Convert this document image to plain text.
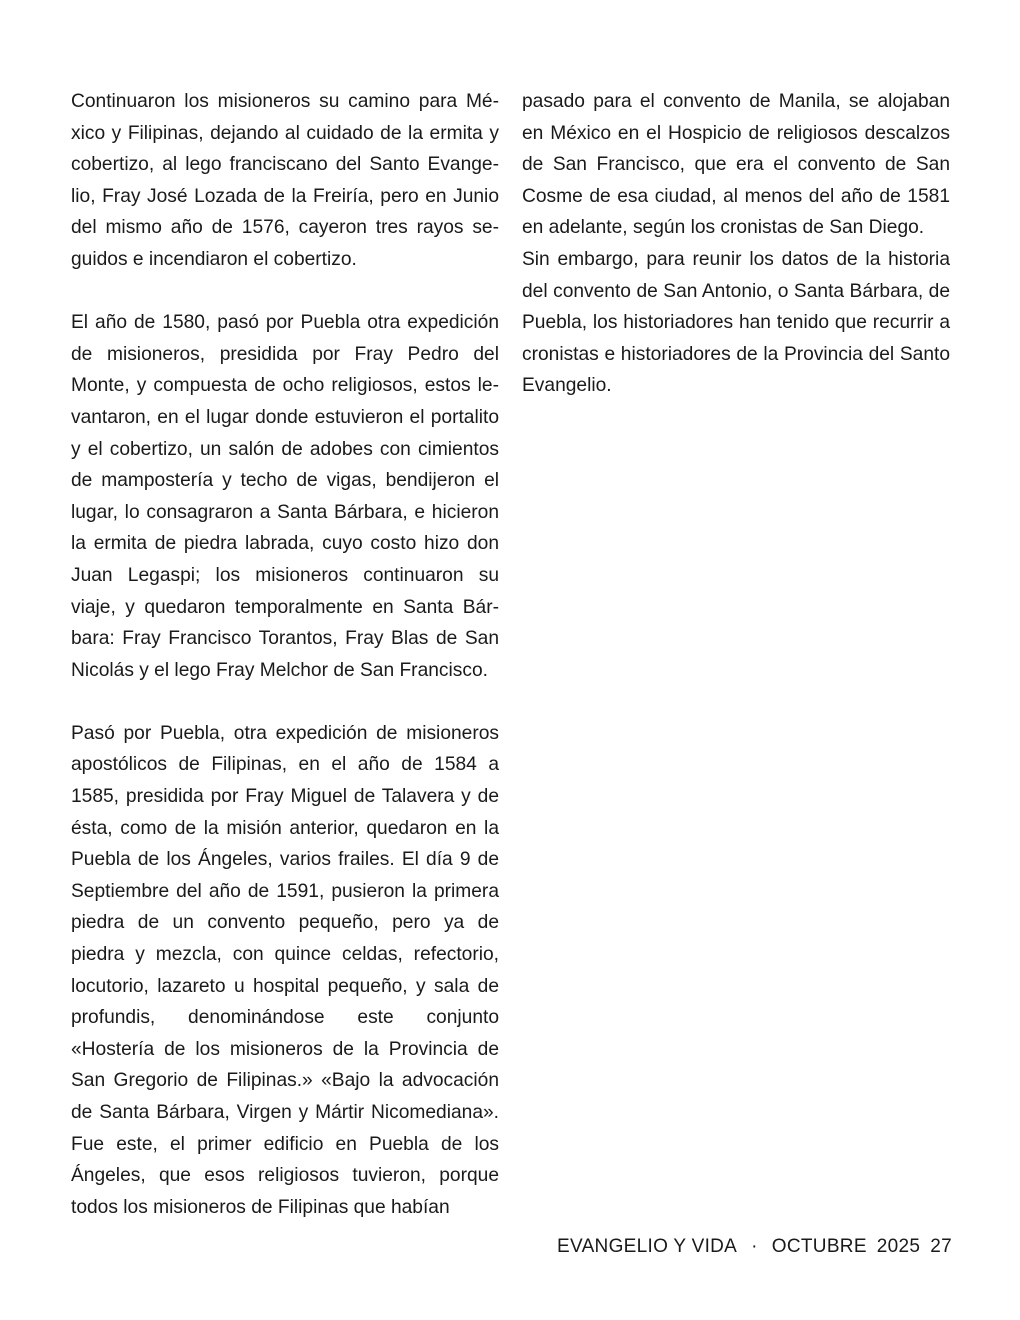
Continuaron los misioneros su camino para México y Filipinas, dejando al cuidado de la ermita y cobertizo, al lego franciscano del Santo Evangelio, Fray José Lozada de la Freiría, pero en Junio del mismo año de 1576, cayeron tres rayos seguidos e incendiaron el cobertizo.

El año de 1580, pasó por Puebla otra expedición de misioneros, presidida por Fray Pedro del Monte, y compuesta de ocho religiosos, estos levantaron, en el lugar donde estuvieron el portalito y el cobertizo, un salón de adobes con cimientos de mampostería y techo de vigas, bendijeron el lugar, lo consagraron a Santa Bárbara, e hicieron la ermita de piedra labrada, cuyo costo hizo don Juan Legaspi; los misioneros continuaron su viaje, y quedaron temporalmente en Santa Bárbara: Fray Francisco Torantos, Fray Blas de San Nicolás y el lego Fray Melchor de San Francisco.

Pasó por Puebla, otra expedición de misioneros apostólicos de Filipinas, en el año de 1584 a 1585, presidida por Fray Miguel de Talavera y de ésta, como de la misión anterior, quedaron en la Puebla de los Ángeles, varios frailes. El día 9 de Septiembre del año de 1591, pusieron la primera piedra de un convento pequeño, pero ya de piedra y mezcla, con quince celdas, refectorio, locutorio, lazareto u hospital pequeño, y sala de profundis, denominándose este conjunto «Hostería de los misioneros de la Provincia de San Gregorio de Filipinas.» «Bajo la advocación de Santa Bárbara, Virgen y Mártir Nicomediana». Fue este, el primer edificio en Puebla de los Ángeles, que esos religiosos tuvieron, porque todos los misioneros de Filipinas que habían

pasado para el convento de Manila, se alojaban en México en el Hospicio de religiosos descalzos de San Francisco, que era el convento de San Cosme de esa ciudad, al menos del año de 1581 en adelante, según los cronistas de San Diego.

Sin embargo, para reunir los datos de la historia del convento de San Antonio, o Santa Bárbara, de Puebla, los historiadores han tenido que recurrir a cronistas e historiadores de la Provincia del Santo Evangelio.

EVANGELIO Y VIDA · OCTUBRE 2025 27
